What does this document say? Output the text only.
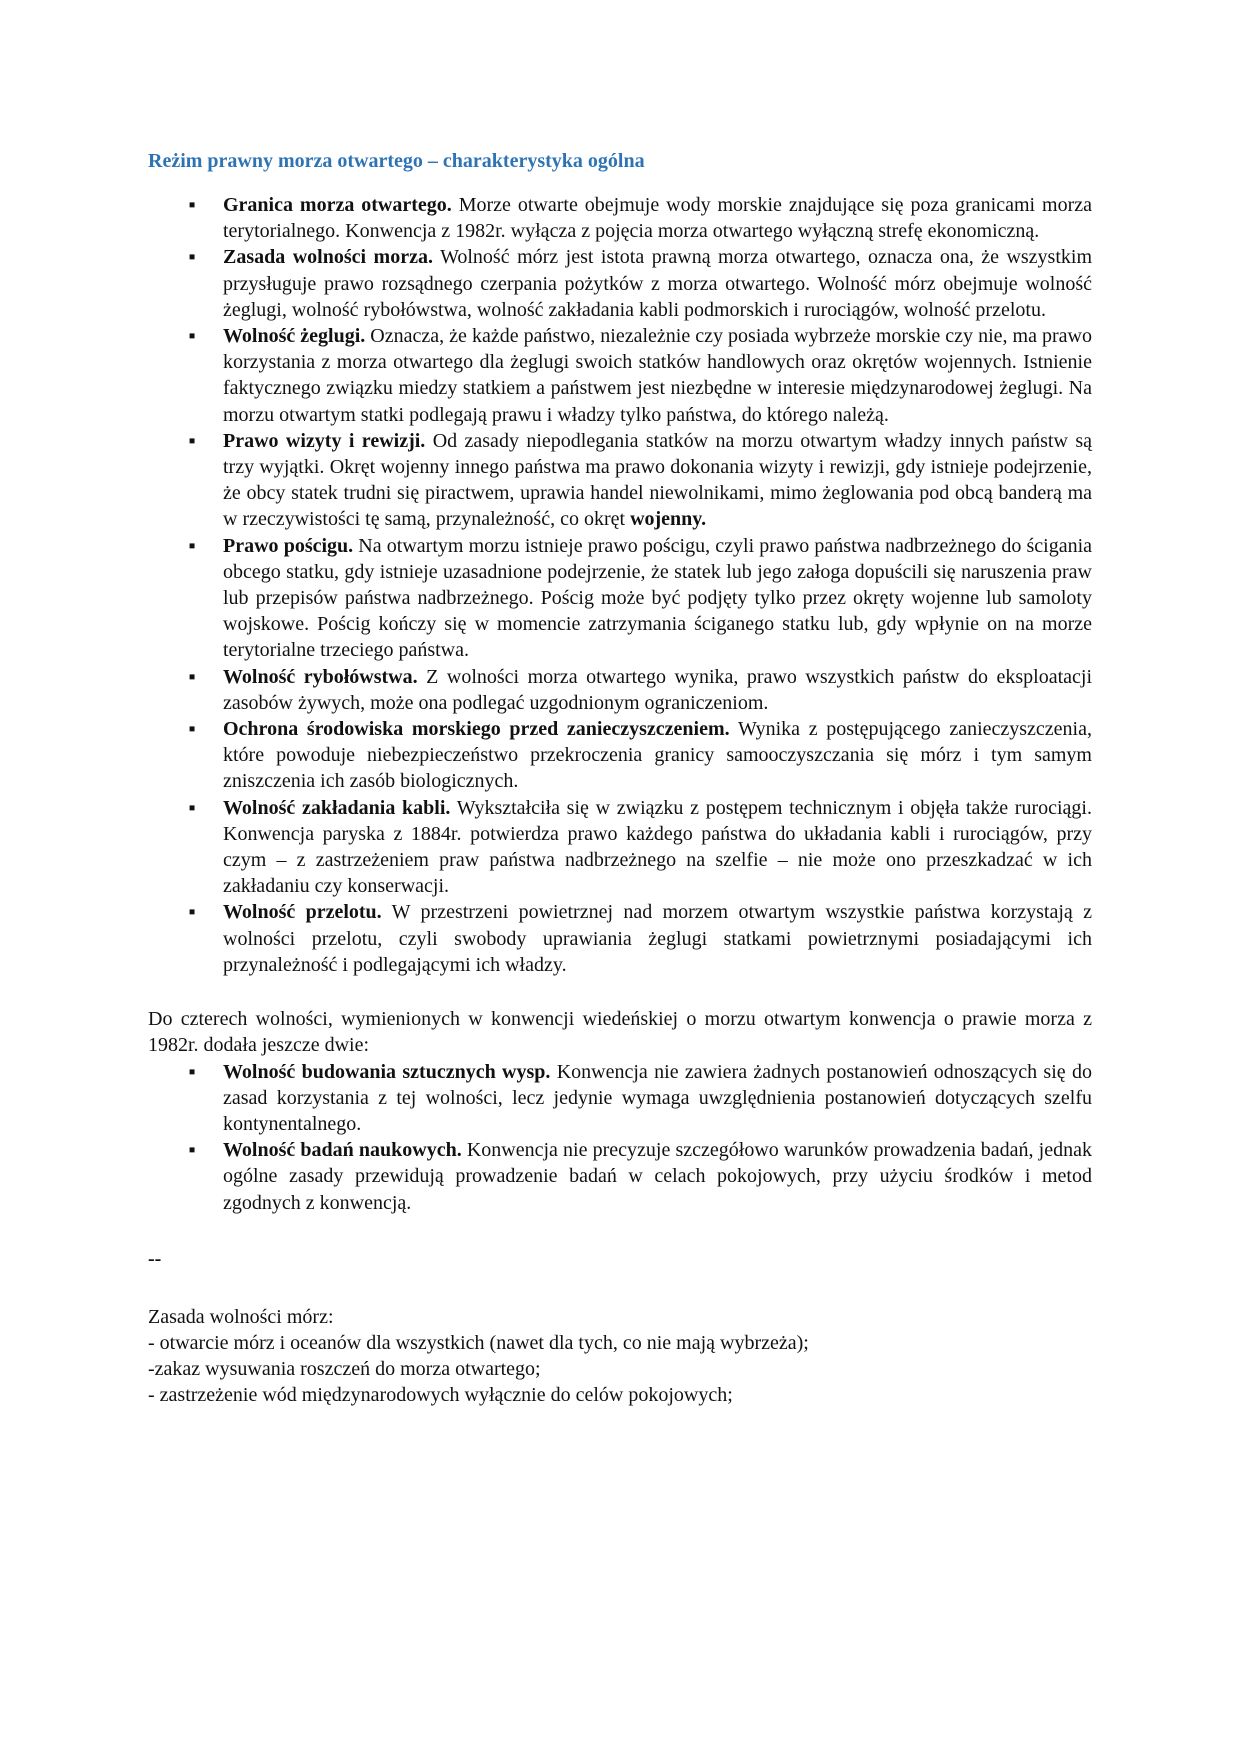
Reżim prawny morza otwartego – charakterystyka ogólna
▪ Granica morza otwartego. Morze otwarte obejmuje wody morskie znajdujące się poza granicami morza terytorialnego. Konwencja z 1982r. wyłącza z pojęcia morza otwartego wyłączną strefę ekonomiczną.
▪ Zasada wolności morza. Wolność mórz jest istota prawną morza otwartego, oznacza ona, że wszystkim przysługuje prawo rozsądnego czerpania pożytków z morza otwartego. Wolność mórz obejmuje wolność żeglugi, wolność rybołówstwa, wolność zakładania kabli podmorskich i rurociągów, wolność przelotu.
▪ Wolność żeglugi. Oznacza, że każde państwo, niezależnie czy posiada wybrzeże morskie czy nie, ma prawo korzystania z morza otwartego dla żeglugi swoich statków handlowych oraz okrętów wojennych. Istnienie faktycznego związku miedzy statkiem a państwem jest niezbędne w interesie międzynarodowej żeglugi. Na morzu otwartym statki podlegają prawu i władzy tylko państwa, do którego należą.
▪ Prawo wizyty i rewizji. Od zasady niepodlegania statków na morzu otwartym władzy innych państw są trzy wyjątki. Okręt wojenny innego państwa ma prawo dokonania wizyty i rewizji, gdy istnieje podejrzenie, że obcy statek trudni się piractwem, uprawia handel niewolnikami, mimo żeglowania pod obcą banderą ma w rzeczywistości tę samą, przynależność, co okręt wojenny.
▪ Prawo pościgu. Na otwartym morzu istnieje prawo pościgu, czyli prawo państwa nadbrzeżnego do ścigania obcego statku, gdy istnieje uzasadnione podejrzenie, że statek lub jego załoga dopuścili się naruszenia praw lub przepisów państwa nadbrzeżnego. Pościg może być podjęty tylko przez okręty wojenne lub samoloty wojskowe. Pościg kończy się w momencie zatrzymania ściganego statku lub, gdy wpłynie on na morze terytorialne trzeciego państwa.
▪ Wolność rybołówstwa. Z wolności morza otwartego wynika, prawo wszystkich państw do eksploatacji zasobów żywych, może ona podlegać uzgodnionym ograniczeniom.
▪ Ochrona środowiska morskiego przed zanieczyszczeniem. Wynika z postępującego zanieczyszczenia, które powoduje niebezpieczeństwo przekroczenia granicy samooczyszczania się mórz i tym samym zniszczenia ich zasób biologicznych.
▪ Wolność zakładania kabli. Wykształciła się w związku z postępem technicznym i objęła także rurociągi. Konwencja paryska z 1884r. potwierdza prawo każdego państwa do układania kabli i rurociągów, przy czym – z zastrzeżeniem praw państwa nadbrzeżnego na szelfie – nie może ono przeszkadzać w ich zakładaniu czy konserwacji.
▪ Wolność przelotu. W przestrzeni powietrznej nad morzem otwartym wszystkie państwa korzystają z wolności przelotu, czyli swobody uprawiania żeglugi statkami powietrznymi posiadającymi ich przynależność i podlegającymi ich władzy.

Do czterech wolności, wymienionych w konwencji wiedeńskiej o morzu otwartym konwencja o prawie morza z 1982r. dodała jeszcze dwie:

▪ Wolność budowania sztucznych wysp. Konwencja nie zawiera żadnych postanowień odnoszących się do zasad korzystania z tej wolności, lecz jedynie wymaga uwzględnienia postanowień dotyczących szelfu kontynentalnego.
▪ Wolność badań naukowych. Konwencja nie precyzuje szczegółowo warunków prowadzenia badań, jednak ogólne zasady przewidują prowadzenie badań w celach pokojowych, przy użyciu środków i metod zgodnych z konwencją.
--
Zasada wolności mórz:
- otwarcie mórz i oceanów dla wszystkich (nawet dla tych, co nie mają wybrzeża);
-zakaz wysuwania roszczeń do morza otwartego;
- zastrzeżenie wód międzynarodowych wyłącznie do celów pokojowych;
